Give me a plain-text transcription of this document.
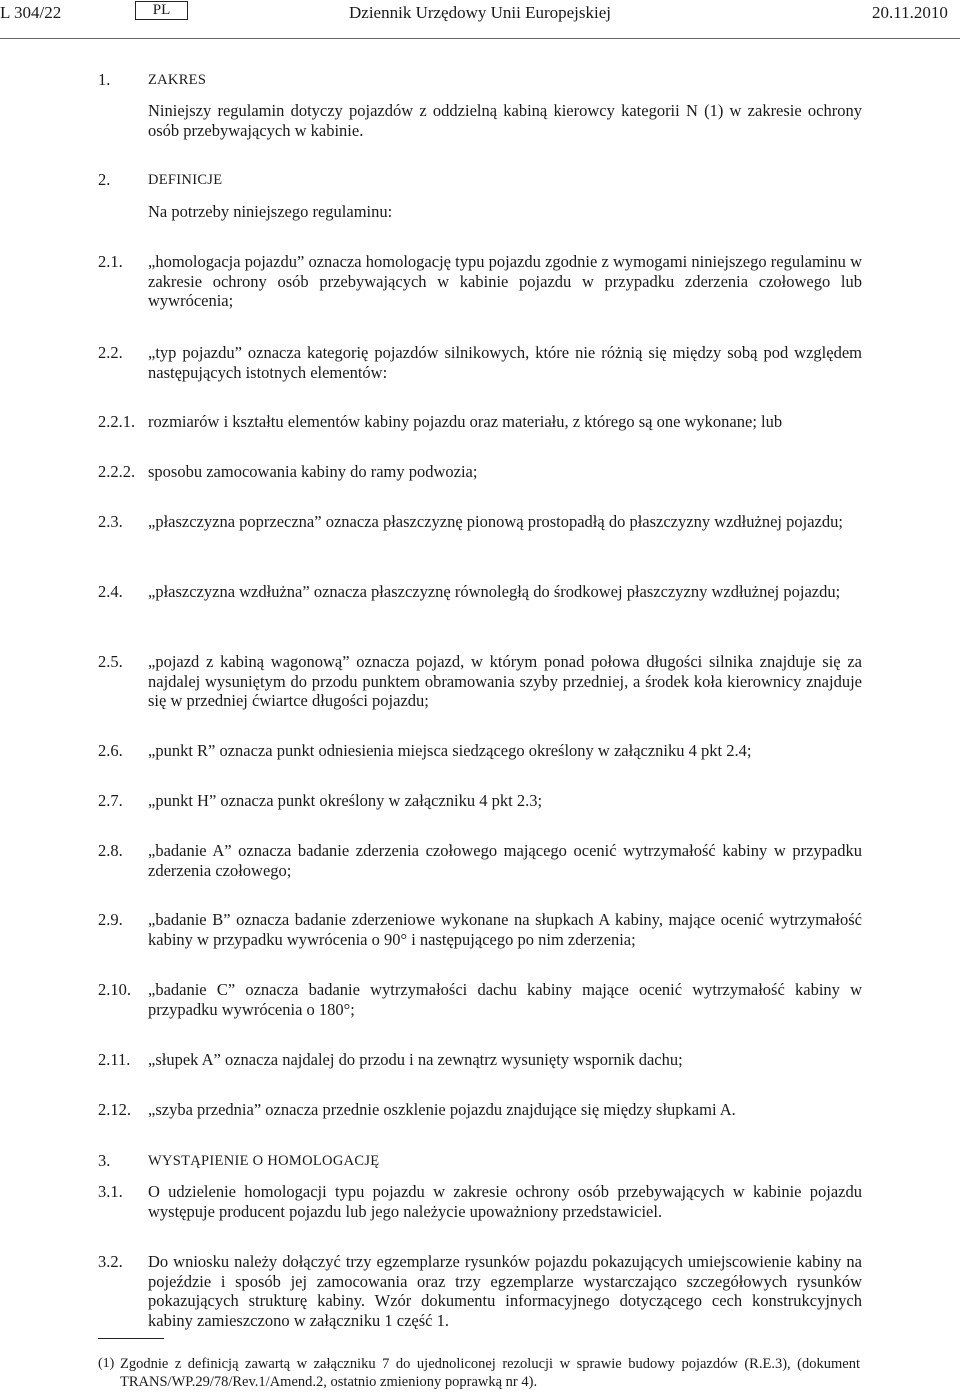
L 304/22	PL	Dziennik Urzędowy Unii Europejskiej	20.11.2010
1.	ZAKRES
Niniejszy regulamin dotyczy pojazdów z oddzielną kabiną kierowcy kategorii N (1) w zakresie ochrony osób przebywających w kabinie.
2.	DEFINICJE
Na potrzeby niniejszego regulaminu:
2.1. „homologacja pojazdu” oznacza homologację typu pojazdu zgodnie z wymogami niniejszego regulaminu w zakresie ochrony osób przebywających w kabinie pojazdu w przypadku zderzenia czołowego lub wywrócenia;
2.2. „typ pojazdu” oznacza kategorię pojazdów silnikowych, które nie różnią się między sobą pod względem następujących istotnych elementów:
2.2.1. rozmiarów i kształtu elementów kabiny pojazdu oraz materiału, z którego są one wykonane; lub
2.2.2. sposobu zamocowania kabiny do ramy podwozia;
2.3. „płaszczyzna poprzeczna” oznacza płaszczyznę pionową prostopadłą do płaszczyzny wzdłużnej pojazdu;
2.4. „płaszczyzna wzdłużna” oznacza płaszczyznę równoległą do środkowej płaszczyzny wzdłużnej pojazdu;
2.5. „pojazd z kabiną wagonową” oznacza pojazd, w którym ponad połowa długości silnika znajduje się za najdalej wysuniętym do przodu punktem obramowania szyby przedniej, a środek koła kierownicy znajduje się w przedniej ćwiartce długości pojazdu;
2.6. „punkt R” oznacza punkt odniesienia miejsca siedzącego określony w załączniku 4 pkt 2.4;
2.7. „punkt H” oznacza punkt określony w załączniku 4 pkt 2.3;
2.8. „badanie A” oznacza badanie zderzenia czołowego mającego ocenić wytrzymałość kabiny w przypadku zderzenia czołowego;
2.9. „badanie B” oznacza badanie zderzeniowe wykonane na słupkach A kabiny, mające ocenić wytrzymałość kabiny w przypadku wywrócenia o 90° i następującego po nim zderzenia;
2.10. „badanie C” oznacza badanie wytrzymałości dachu kabiny mające ocenić wytrzymałość kabiny w przypadku wywrócenia o 180°;
2.11. „słupek A” oznacza najdalej do przodu i na zewnątrz wysunięty wspornik dachu;
2.12. „szyba przednia” oznacza przednie oszklenie pojazdu znajdujące się między słupkami A.
3.	WYSTĄPIENIE O HOMOLOGACJĘ
3.1. O udzielenie homologacji typu pojazdu w zakresie ochrony osób przebywających w kabinie pojazdu występuje producent pojazdu lub jego należycie upoważniony przedstawiciel.
3.2. Do wniosku należy dołączyć trzy egzemplarze rysunków pojazdu pokazujących umiejscowienie kabiny na pojeździe i sposób jej zamocowania oraz trzy egzemplarze wystarczająco szczegółowych rysunków pokazujących strukturę kabiny. Wzór dokumentu informacyjnego dotyczącego cech konstrukcyjnych kabiny zamieszczono w załączniku 1 część 1.
(1) Zgodnie z definicją zawartą w załączniku 7 do ujednoliconej rezolucji w sprawie budowy pojazdów (R.E.3), (dokument TRANS/WP.29/78/Rev.1/Amend.2, ostatnio zmieniony poprawką nr 4).
